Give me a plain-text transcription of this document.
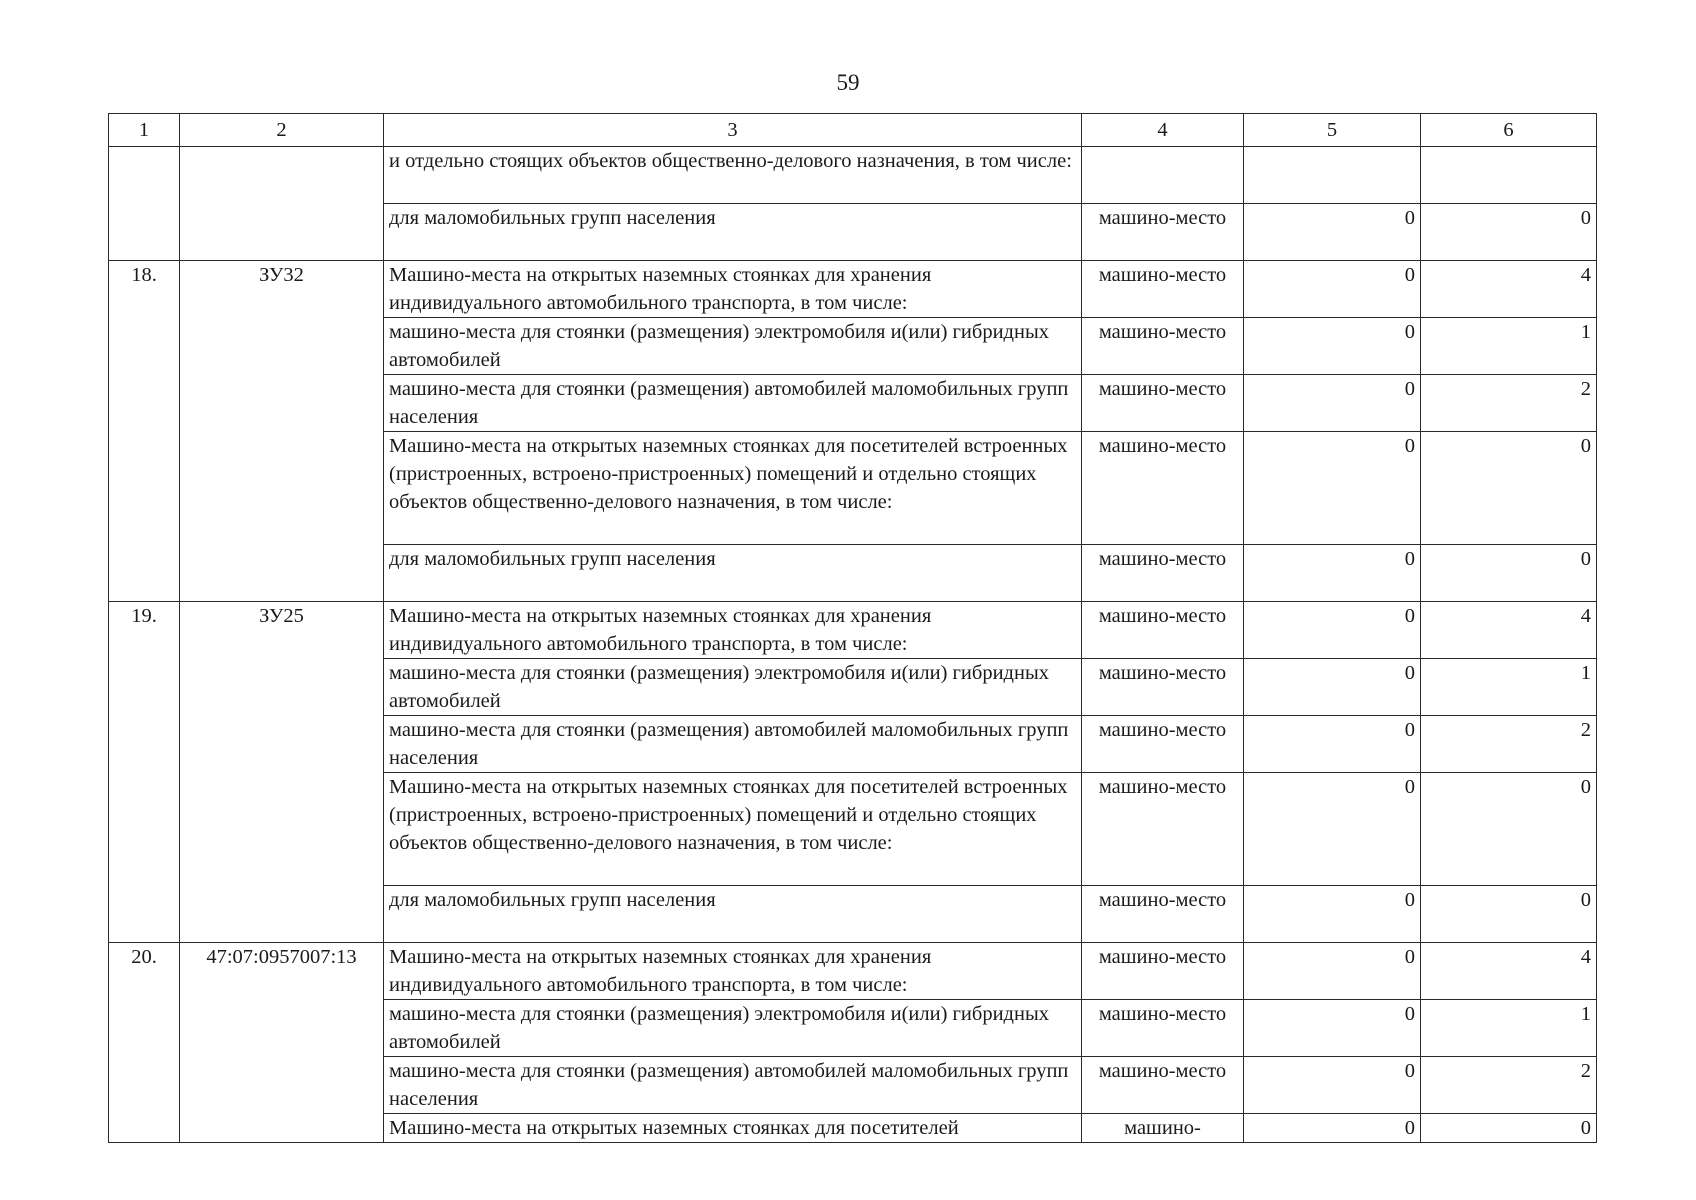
59
1	2	3	4	5	6
		и отдельно стоящих объектов общественно-делового назначения, в том числе:			
		для маломобильных групп населения	машино-место	0	0
18.	ЗУ32	Машино-места на открытых наземных стоянках для хранения индивидуального автомобильного транспорта, в том числе:	машино-место	0	4
		машино-места для стоянки (размещения) электромобиля и(или) гибридных автомобилей	машино-место	0	1
		машино-места для стоянки (размещения) автомобилей маломобильных групп населения	машино-место	0	2
		Машино-места на открытых наземных стоянках для посетителей встроенных (пристроенных, встроено-пристроенных) помещений и отдельно стоящих объектов общественно-делового назначения, в том числе:	машино-место	0	0
		для маломобильных групп населения	машино-место	0	0
19.	ЗУ25	Машино-места на открытых наземных стоянках для хранения индивидуального автомобильного транспорта, в том числе:	машино-место	0	4
		машино-места для стоянки (размещения) электромобиля и(или) гибридных автомобилей	машино-место	0	1
		машино-места для стоянки (размещения) автомобилей маломобильных групп населения	машино-место	0	2
		Машино-места на открытых наземных стоянках для посетителей встроенных (пристроенных, встроено-пристроенных) помещений и отдельно стоящих объектов общественно-делового назначения, в том числе:	машино-место	0	0
		для маломобильных групп населения	машино-место	0	0
20.	47:07:0957007:13	Машино-места на открытых наземных стоянках для хранения индивидуального автомобильного транспорта, в том числе:	машино-место	0	4
		машино-места для стоянки (размещения) электромобиля и(или) гибридных автомобилей	машино-место	0	1
		машино-места для стоянки (размещения) автомобилей маломобильных групп населения	машино-место	0	2
		Машино-места на открытых наземных стоянках для посетителей	машино-	0	0
